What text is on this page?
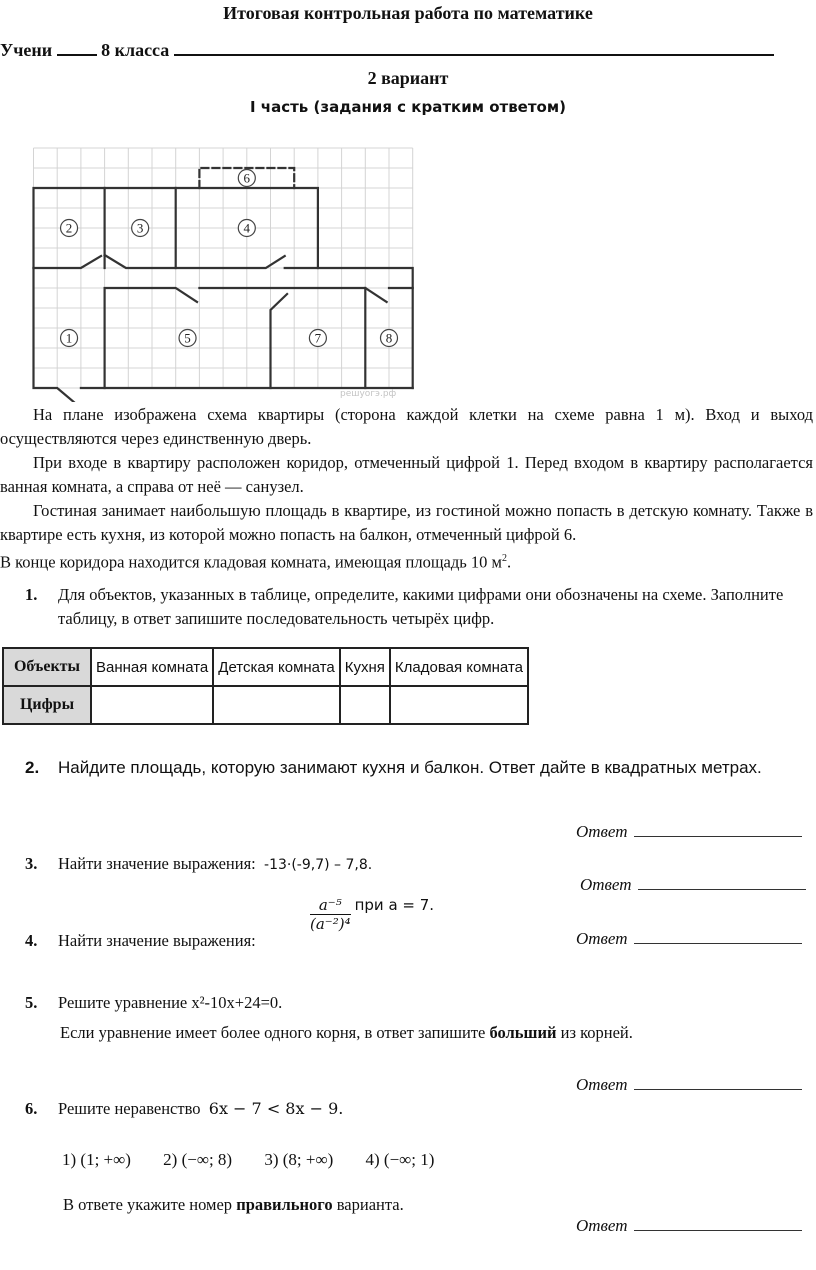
Итоговая контрольная работа по математике
Учени	8 класса
2 вариант
I часть (задания с кратким ответом)
1
2	3	4
5
6
7	8
решуогэ.рф

На плане изображена схема квартиры (сторона каждой клетки на схеме равна 1 м). Вход и выход осуществляются через единственную дверь.

При входе в квартиру расположен коридор, отмеченный цифрой 1. Перед входом в квартиру располагается ванная комната, а справа от неё — санузел.

Гостиная занимает наибольшую площадь в квартире, из гостиной можно попасть в детскую комнату. Также в квартире есть кухня, из которой можно попасть на балкон, отмеченный цифрой 6.

В конце коридора находится кладовая комната, имеющая площадь 10 $м^2$.
1. Для объектов, указанных в таблице, определите, какими цифрами они обозначены на схеме. Заполните таблицу, в ответ запишите последовательность четырёх цифр.
Объекты	Ванная комната	Детская комната	Кухня	Кладовая комната
Цифры				
2. Найдите площадь, которую занимают кухня и балкон. Ответ дайте в квадратных метрах.
Ответ
3. Найти значение выражения: -13·(-9,7) – 7,8.
Ответ
4. Найти значение выражения:
$\frac{\text{a⁻⁵}}{\text{(a⁻²)⁴}}$ при a = 7.
Ответ
5. Решите уравнение x²-10x+24=0.
Если уравнение имеет более одного корня, в ответ запишите больший из корней.
Ответ
6. Решите неравенство 6x − 7 < 8x − 9.
1) (1; +∞) 2) (−∞; 8) 3) (8; +∞) 4) (−∞; 1)
В ответе укажите номер правильного варианта.
Ответ
